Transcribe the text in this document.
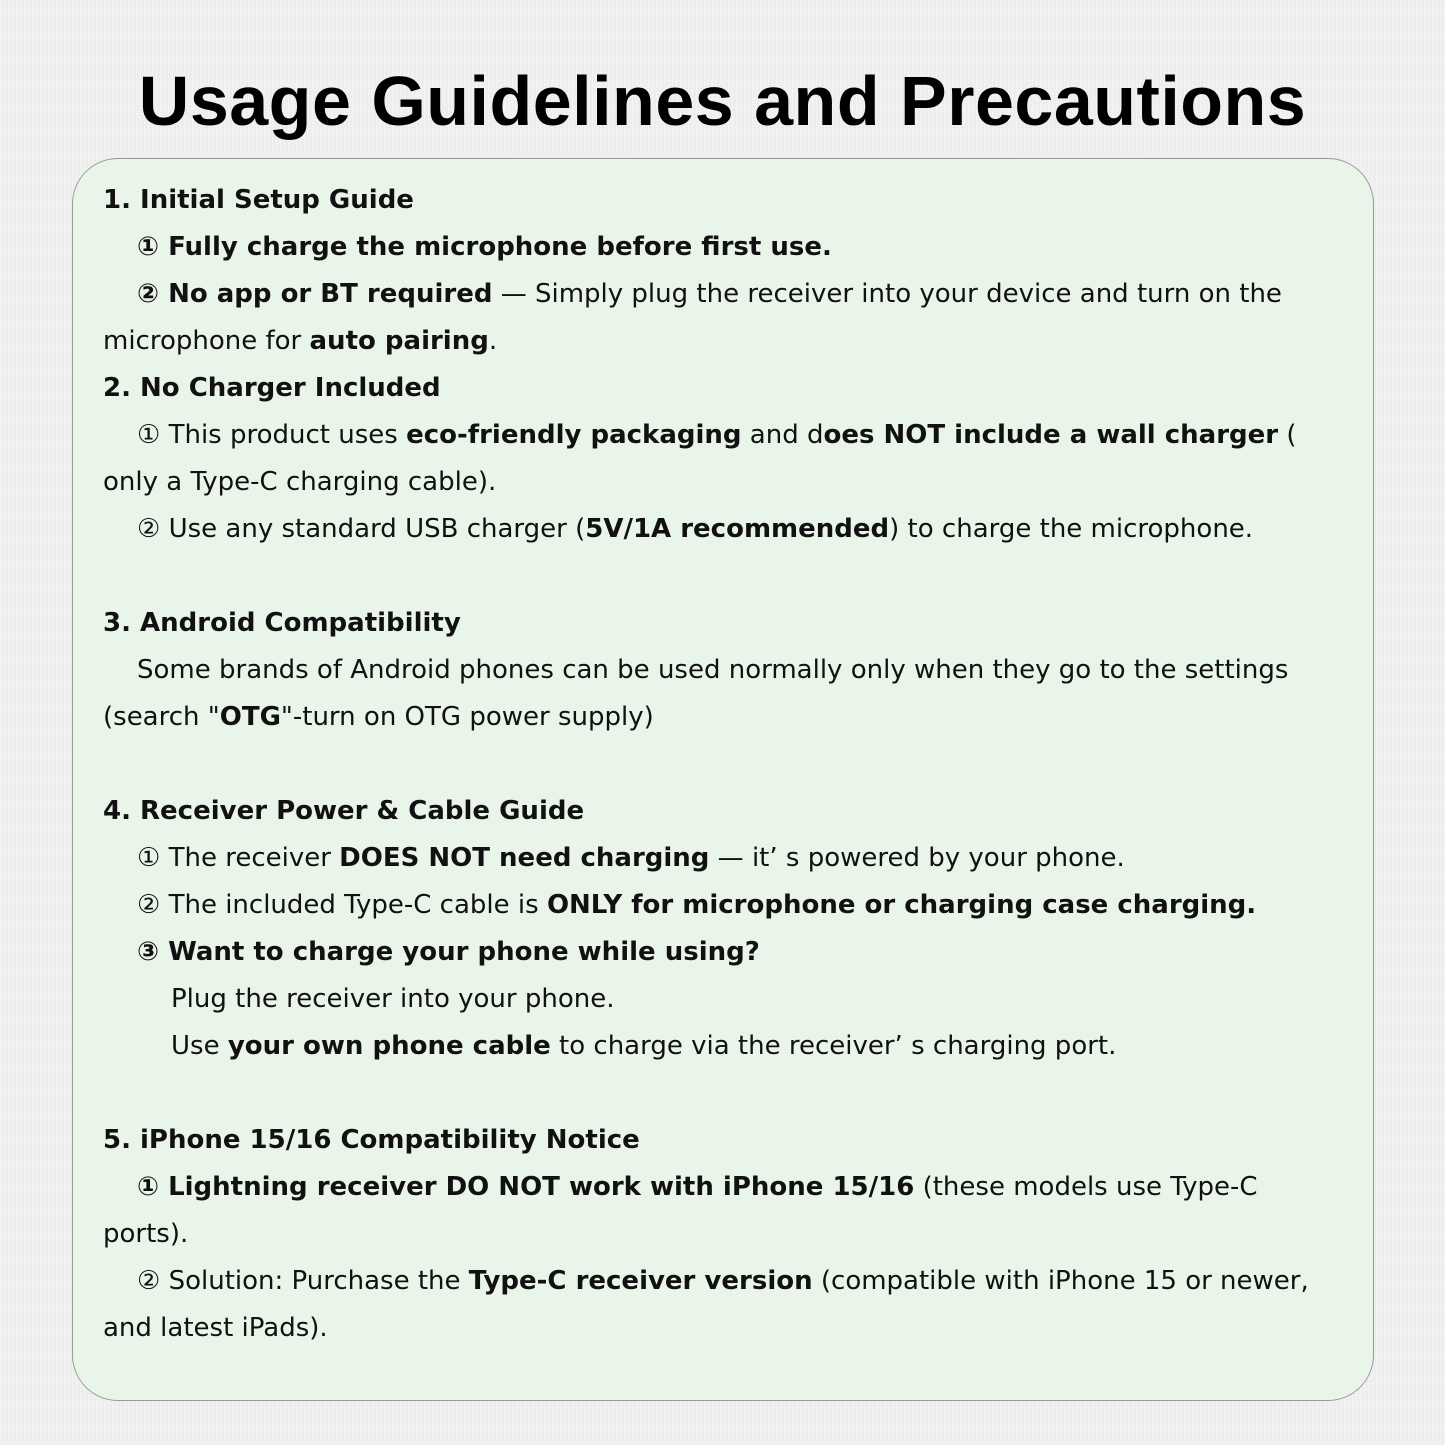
Usage Guidelines and Precautions
1. Initial Setup Guide
① Fully charge the microphone before first use.
② No app or BT required — Simply plug the receiver into your device and turn on the microphone for auto pairing.
2. No Charger Included
① This product uses eco-friendly packaging and does NOT include a wall charger ( only a Type-C charging cable).
② Use any standard USB charger (5V/1A recommended) to charge the microphone.
3. Android Compatibility
Some brands of Android phones can be used normally only when they go to the settings (search "OTG"-turn on OTG power supply)
4. Receiver Power & Cable Guide
① The receiver DOES NOT need charging — it’ s powered by your phone.
② The included Type-C cable is ONLY for microphone or charging case charging.
③ Want to charge your phone while using?
Plug the receiver into your phone.
Use your own phone cable to charge via the receiver’ s charging port.
5. iPhone 15/16 Compatibility Notice
① Lightning receiver DO NOT work with iPhone 15/16 (these models use Type-C ports).
② Solution: Purchase the Type-C receiver version (compatible with iPhone 15 or newer, and latest iPads).
